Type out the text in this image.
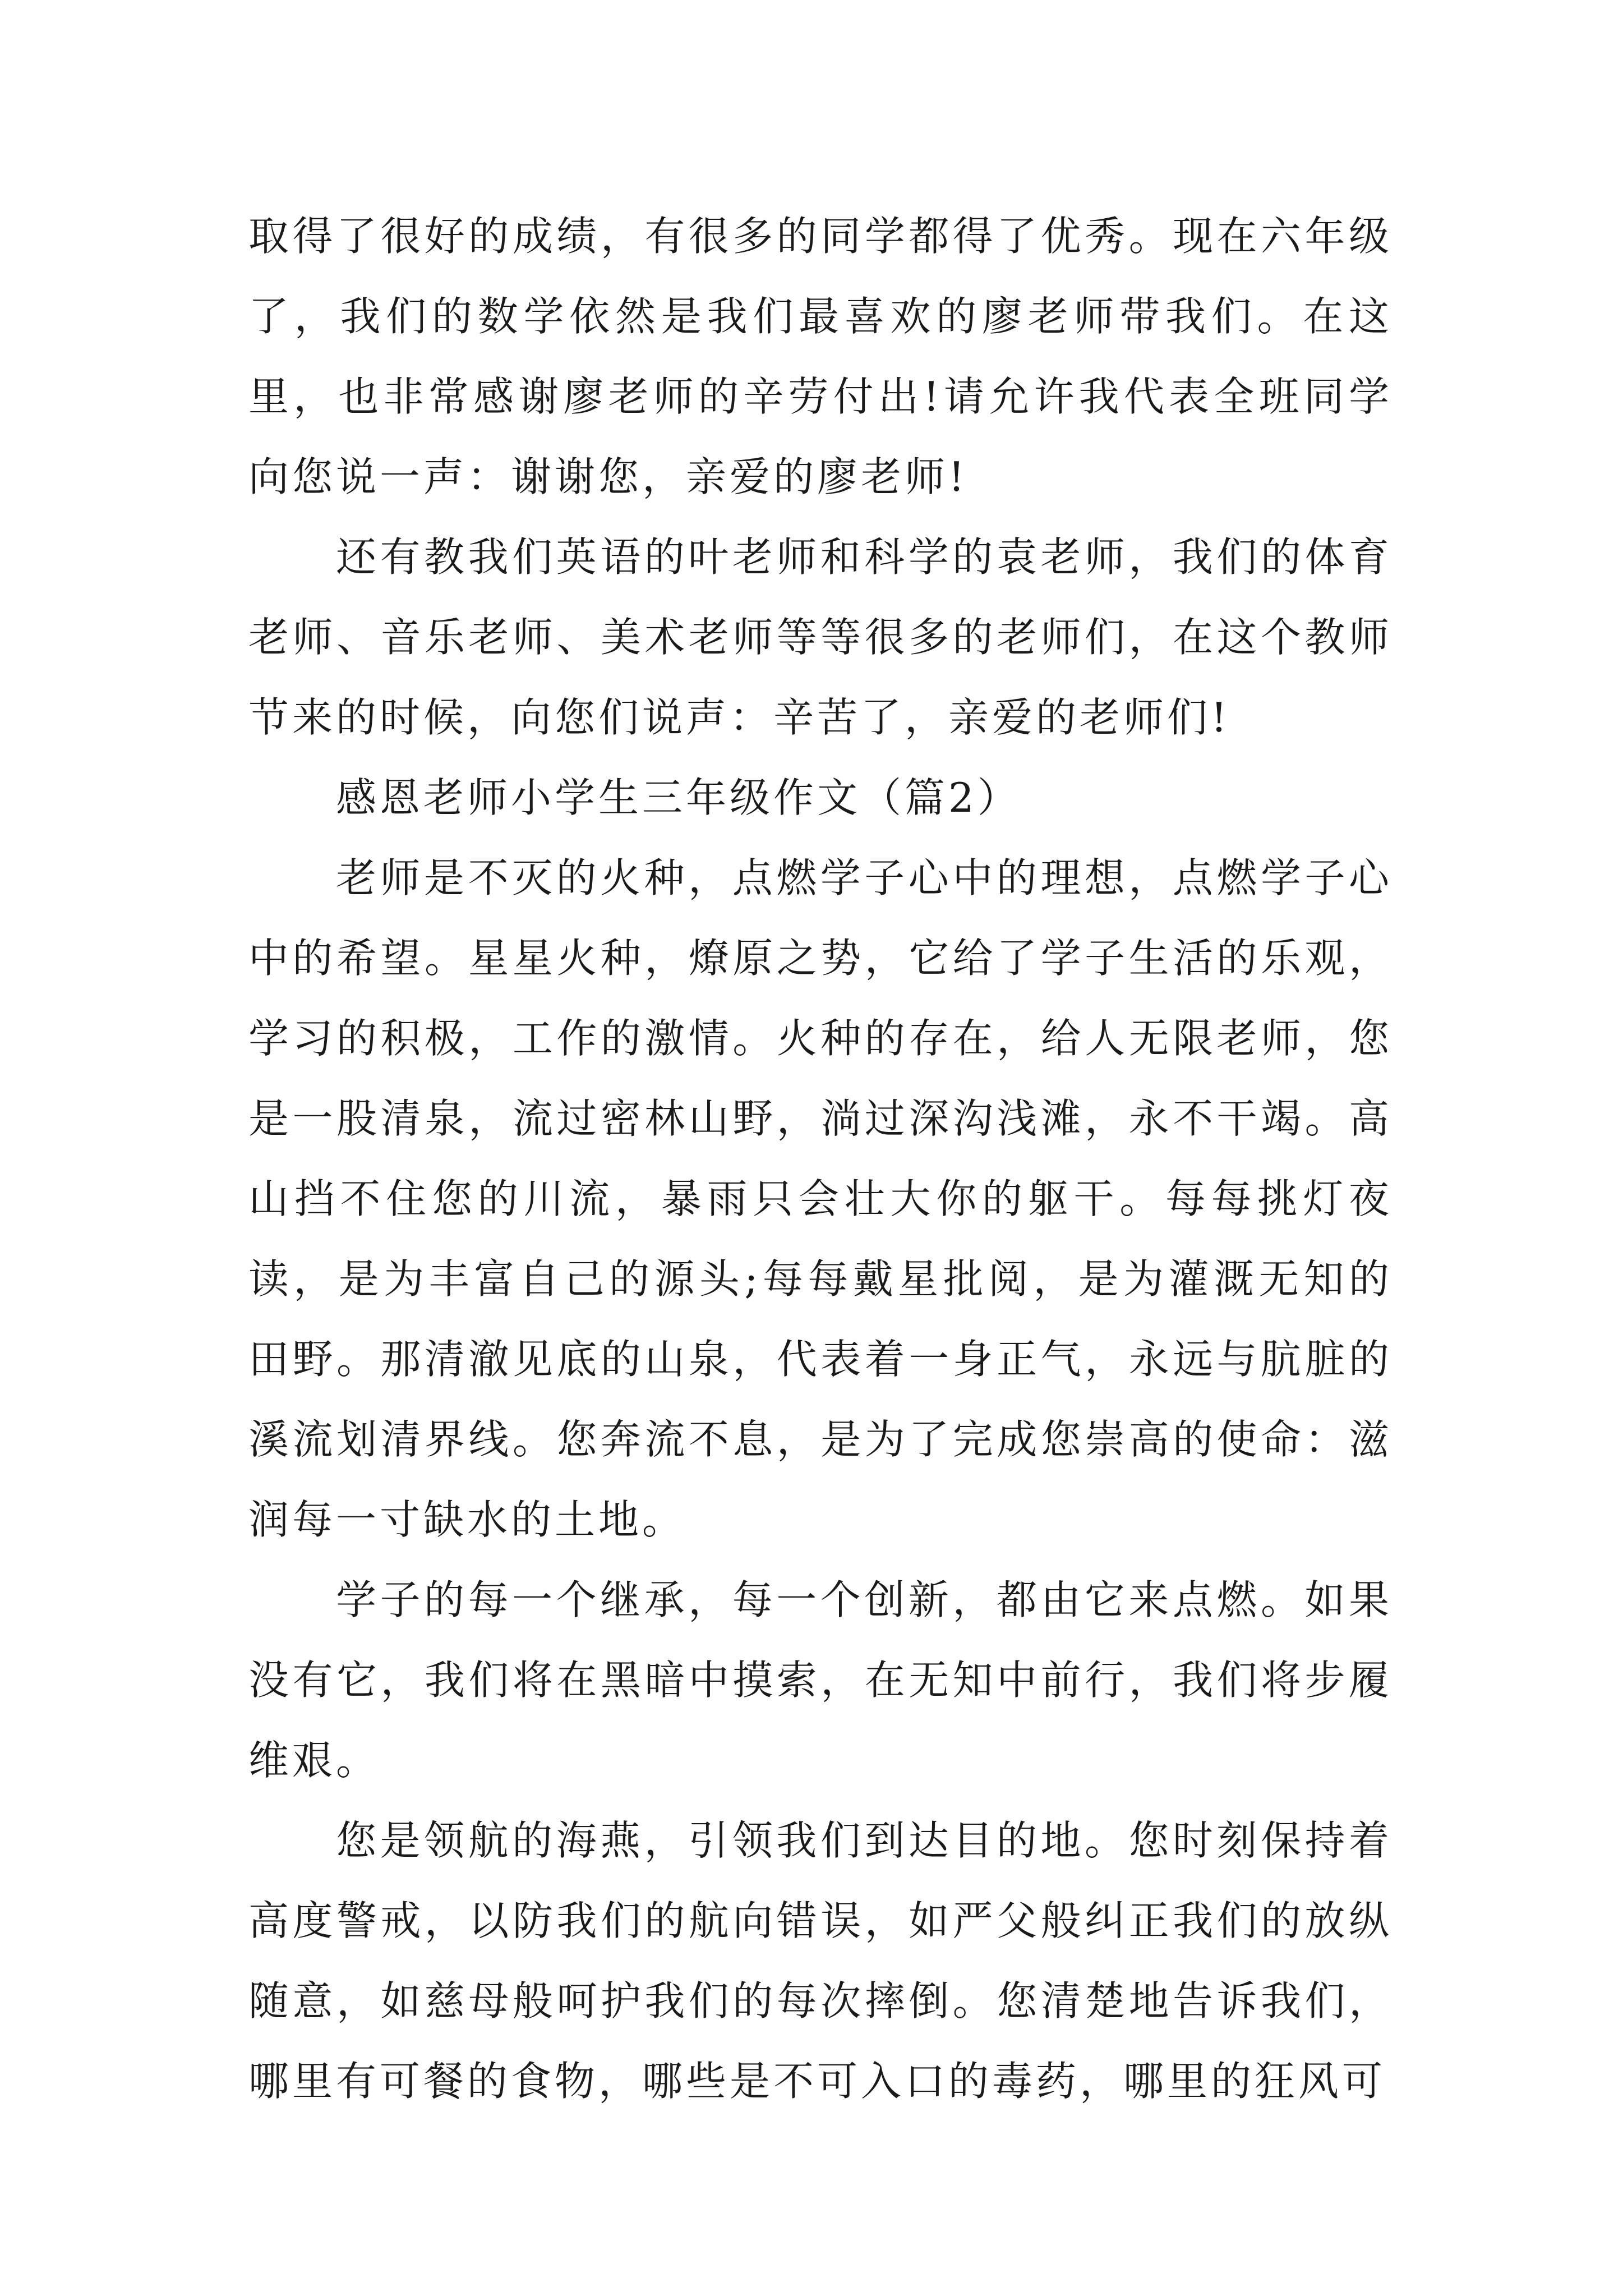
取得了很好的成绩，有很多的同学都得了优秀。现在六年级了，我们的数学依然是我们最喜欢的廖老师带我们。在这里，也非常感谢廖老师的辛劳付出!请允许我代表全班同学向您说一声：谢谢您，亲爱的廖老师!

还有教我们英语的叶老师和科学的袁老师，我们的体育老师、音乐老师、美术老师等等很多的老师们，在这个教师节来的时候，向您们说声：辛苦了，亲爱的老师们!

感恩老师小学生三年级作文（篇2）

老师是不灭的火种，点燃学子心中的理想，点燃学子心中的希望。星星火种，燎原之势，它给了学子生活的乐观，学习的积极，工作的激情。火种的存在，给人无限老师，您是一股清泉，流过密林山野，淌过深沟浅滩，永不干竭。高山挡不住您的川流，暴雨只会壮大你的躯干。每每挑灯夜读，是为丰富自己的源头;每每戴星批阅，是为灌溉无知的田野。那清澈见底的山泉，代表着一身正气，永远与肮脏的溪流划清界线。您奔流不息，是为了完成您崇高的使命：滋润每一寸缺水的土地。

学子的每一个继承，每一个创新，都由它来点燃。如果没有它，我们将在黑暗中摸索，在无知中前行，我们将步履维艰。

您是领航的海燕，引领我们到达目的地。您时刻保持着高度警戒，以防我们的航向错误，如严父般纠正我们的放纵随意，如慈母般呵护我们的每次摔倒。您清楚地告诉我们，哪里有可餐的食物，哪些是不可入口的毒药，哪里的狂风可
